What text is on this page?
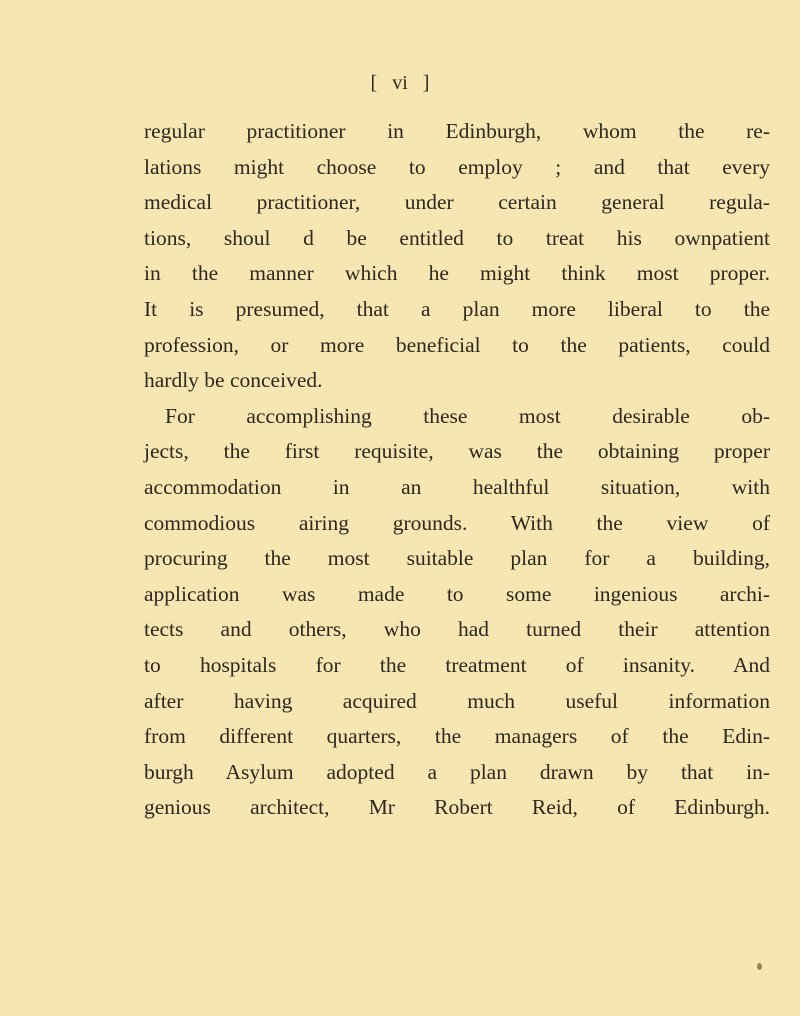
[ vi ]
regular practitioner in Edinburgh, whom the re-
lations might choose to employ ; and that every
medical practitioner, under certain general regula-
tions, shoul d be entitled to treat his ownpatient
in the manner which he might think most proper.
It is presumed, that a plan more liberal to the
profession, or more beneficial to the patients, could
hardly be conceived.
For accomplishing these most desirable ob-
jects, the first requisite, was the obtaining proper
accommodation in an healthful situation, with
commodious airing grounds. With the view of
procuring the most suitable plan for a building,
application was made to some ingenious archi-
tects and others, who had turned their attention
to hospitals for the treatment of insanity. And
after having acquired much useful information
from different quarters, the managers of the Edin-
burgh Asylum adopted a plan drawn by that in-
genious architect, Mr Robert Reid, of Edinburgh.
